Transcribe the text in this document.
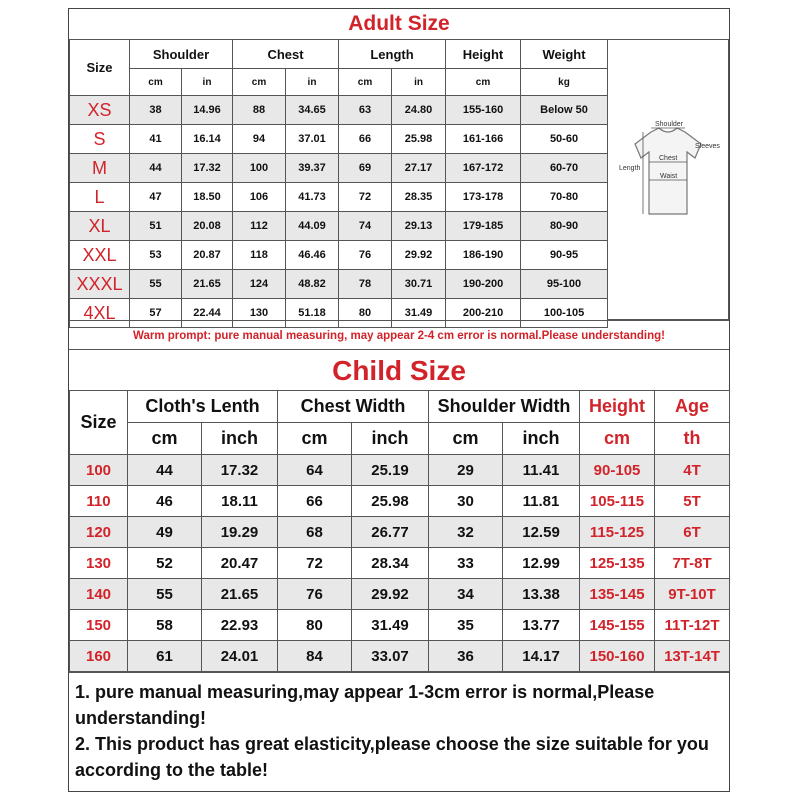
Adult Size
Size	Shoulder		Chest		Length		Height	Weight
	cm	in	cm	in	cm	in	cm	kg
XS	38	14.96	88	34.65	63	24.80	155-160	Below 50
S	41	16.14	94	37.01	66	25.98	161-166	50-60
M	44	17.32	100	39.37	69	27.17	167-172	60-70
L	47	18.50	106	41.73	72	28.35	173-178	70-80
XL	51	20.08	112	44.09	74	29.13	179-185	80-90
XXL	53	20.87	118	46.46	76	29.92	186-190	90-95
XXXL	55	21.65	124	48.82	78	30.71	190-200	95-100
4XL	57	22.44	130	51.18	80	31.49	200-210	100-105
Shoulder
Sleeves
Chest
Length
Waist
Warm prompt: pure manual measuring, may appear 2-4 cm error is normal.Please understanding!
Child Size
Size	Cloth's Lenth		Chest Width		Shoulder Width		Height	Age
	cm	inch	cm	inch	cm	inch	cm	th
100	44	17.32	64	25.19	29	11.41	90-105	4T
110	46	18.11	66	25.98	30	11.81	105-115	5T
120	49	19.29	68	26.77	32	12.59	115-125	6T
130	52	20.47	72	28.34	33	12.99	125-135	7T-8T
140	55	21.65	76	29.92	34	13.38	135-145	9T-10T
150	58	22.93	80	31.49	35	13.77	145-155	11T-12T
160	61	24.01	84	33.07	36	14.17	150-160	13T-14T

1. pure manual measuring,may appear 1-3cm error is normal,Please understanding!

2. This product has great elasticity,please choose the size suitable for you according to the table!
